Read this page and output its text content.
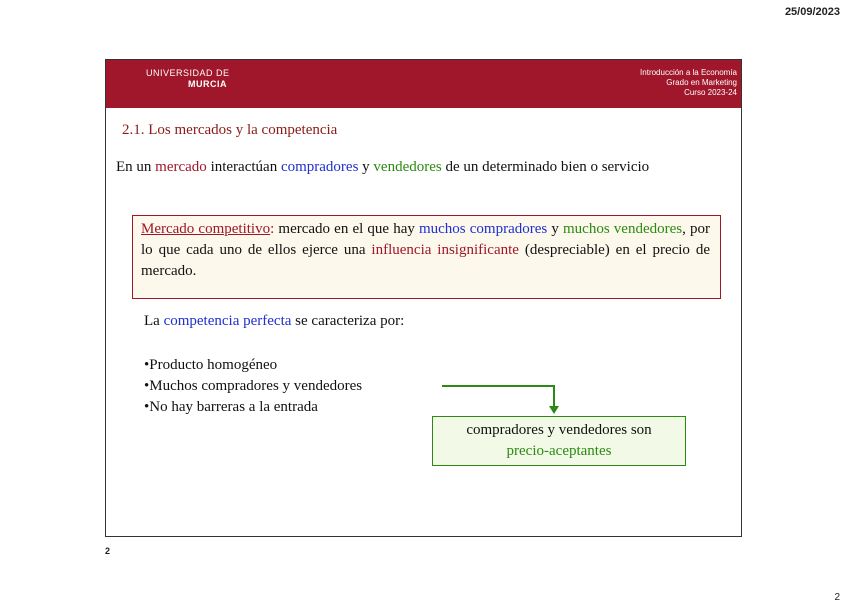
25/09/2023
UNIVERSIDAD DE
MURCIA
Introducción a la Economía
Grado en Marketing
Curso 2023-24
2.1. Los mercados y la competencia
En un mercado interactúan compradores y vendedores de un determinado bien o servicio
Mercado competitivo: mercado en el que hay muchos compradores y muchos vendedores, por lo que cada uno de ellos ejerce una influencia insignificante (despreciable) en el precio de mercado.
La competencia perfecta se caracteriza por:
•Producto homogéneo
•Muchos compradores y vendedores
•No hay barreras a la entrada
compradores y vendedores son
precio-aceptantes
2
2
